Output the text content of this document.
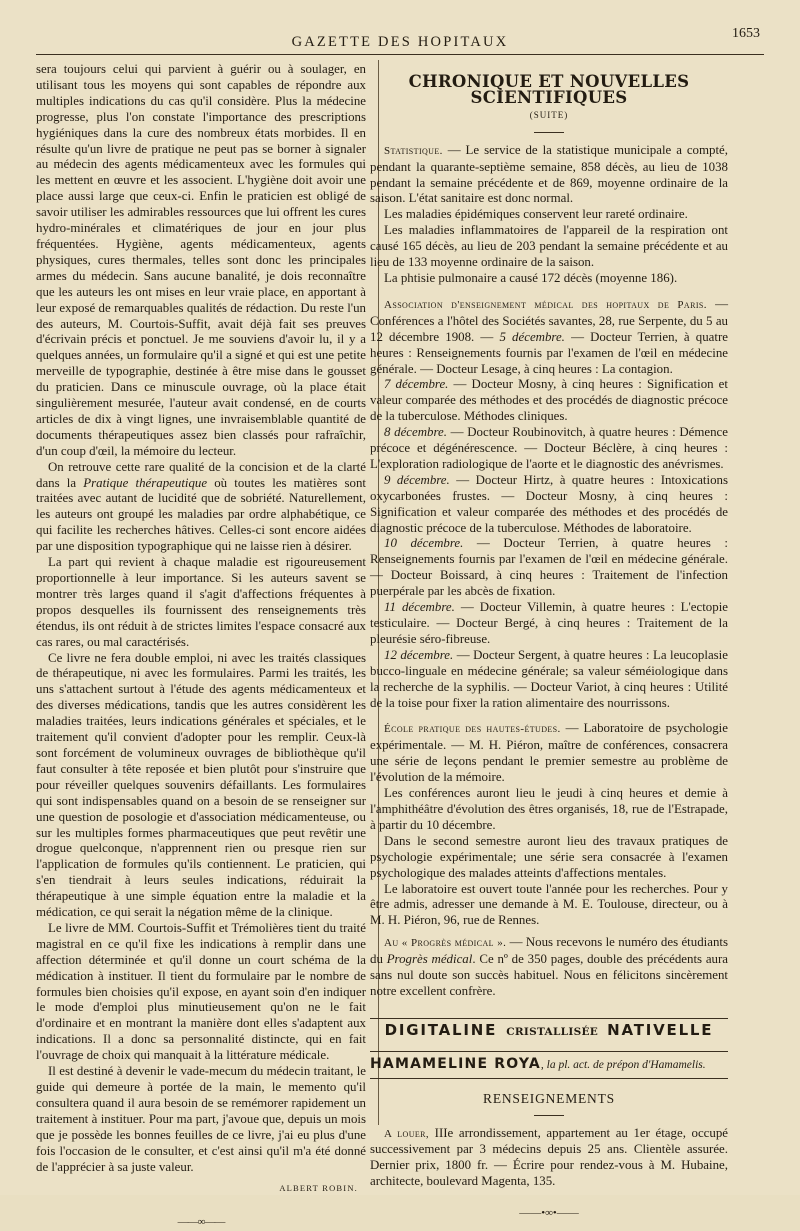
GAZETTE DES HOPITAUX
1653

sera toujours celui qui parvient à guérir ou à soulager, en utilisant tous les moyens qui sont capables de répondre aux multiples indications du cas qu'il considère. Plus la médecine progresse, plus l'on constate l'importance des prescriptions hygiéniques dans la cure des nombreux états morbides. Il en résulte qu'un livre de pratique ne peut pas se borner à signaler au médecin des agents médicamenteux avec les formules qui les mettent en œuvre et les associent. L'hygiène doit avoir une place aussi large que ceux-ci. Enfin le praticien est obligé de savoir utiliser les admirables ressources que lui offrent les cures hydro-minérales et climatériques de jour en jour plus fréquentées. Hygiène, agents médicamenteux, agents physiques, cures thermales, telles sont donc les principales armes du médecin. Sans aucune banalité, je dois reconnaître que les auteurs les ont mises en leur vraie place, en apportant à leur exposé de remarquables qualités de rédaction. Du reste l'un des auteurs, M. Courtois-Suffit, avait déjà fait ses preuves d'écrivain précis et ponctuel. Je me souviens d'avoir lu, il y a quelques années, un formulaire qu'il a signé et qui est une petite merveille de typographie, destinée à être mise dans le gousset du praticien. Dans ce minuscule ouvrage, où la place était singulièrement mesurée, l'auteur avait condensé, en de courts articles de dix à vingt lignes, une invraisemblable quantité de documents thérapeutiques assez bien classés pour rafraîchir, d'un coup d'œil, la mémoire du lecteur.

On retrouve cette rare qualité de la concision et de la clarté dans la Pratique thérapeutique où toutes les matières sont traitées avec autant de lucidité que de sobriété. Naturellement, les auteurs ont groupé les maladies par ordre alphabétique, ce qui facilite les recherches hâtives. Celles-ci sont encore aidées par une disposition typographique qui ne laisse rien à désirer.

La part qui revient à chaque maladie est rigoureusement proportionnelle à leur importance. Si les auteurs savent se montrer très larges quand il s'agit d'affections fréquentes à propos desquelles ils fournissent des renseignements très étendus, ils ont réduit à de strictes limites l'espace consacré aux cas rares, ou mal caractérisés.

Ce livre ne fera double emploi, ni avec les traités classiques de thérapeutique, ni avec les formulaires. Parmi les traités, les uns s'attachent surtout à l'étude des agents médicamenteux et des diverses médications, tandis que les autres considèrent les maladies traitées, leurs indications générales et spéciales, et le traitement qu'il convient d'adopter pour les remplir. Ceux-là sont forcément de volumineux ouvrages de bibliothèque qu'il faut consulter à tête reposée et bien plutôt pour s'instruire que pour réveiller quelques souvenirs défaillants. Les formulaires qui sont indispensables quand on a besoin de se renseigner sur une question de posologie et d'association médicamenteuse, ou sur les multiples formes pharmaceutiques que peut revêtir une drogue quelconque, n'apprennent rien ou presque rien sur l'application de formules qu'ils contiennent. Le praticien, qui s'en tiendrait à leurs seules indications, réduirait la thérapeutique à une simple équation entre la maladie et la médication, ce qui serait la négation même de la clinique.

Le livre de MM. Courtois-Suffit et Trémolières tient du traité magistral en ce qu'il fixe les indications à remplir dans une affection déterminée et qu'il donne un court schéma de la médication à instituer. Il tient du formulaire par le nombre de formules bien choisies qu'il expose, en ayant soin d'en indiquer le mode d'emploi plus minutieusement qu'on ne le fait d'ordinaire et en montrant la manière dont elles s'adaptent aux indications. Il a donc sa personnalité distincte, qui en fait l'ouvrage de choix qui manquait à la littérature médicale.

Il est destiné à devenir le vade-mecum du médecin traitant, le guide qui demeure à portée de la main, le memento qu'il consultera quand il aura besoin de se remémorer rapidement un traitement à instituer. Pour ma part, j'avoue que, depuis un mois que je possède les bonnes feuilles de ce livre, j'ai eu plus d'une fois l'occasion de le consulter, et c'est ainsi qu'il m'a été donné de l'apprécier à sa juste valeur.

ALBERT ROBIN.
——∞——
CHRONIQUE ET NOUVELLES SCIENTIFIQUES
(SUITE)

Statistique. — Le service de la statistique municipale a compté, pendant la quarante-septième semaine, 858 décès, au lieu de 1038 pendant la semaine précédente et de 869, moyenne ordinaire de la saison. L'état sanitaire est donc normal.

Les maladies épidémiques conservent leur rareté ordinaire.

Les maladies inflammatoires de l'appareil de la respiration ont causé 165 décès, au lieu de 203 pendant la semaine précédente et au lieu de 133 moyenne ordinaire de la saison.

La phtisie pulmonaire a causé 172 décès (moyenne 186).

Association d'enseignement médical des hopitaux de Paris. — Conférences a l'hôtel des Sociétés savantes, 28, rue Serpente, du 5 au 12 décembre 1908. — 5 décembre. — Docteur Terrien, à quatre heures : Renseignements fournis par l'examen de l'œil en médecine générale. — Docteur Lesage, à cinq heures : La contagion.

7 décembre. — Docteur Mosny, à cinq heures : Signification et valeur comparée des méthodes et des procédés de diagnostic précoce de la tuberculose. Méthodes cliniques.

8 décembre. — Docteur Roubinovitch, à quatre heures : Démence précoce et dégénérescence. — Docteur Béclère, à cinq heures : L'exploration radiologique de l'aorte et le diagnostic des anévrismes.

9 décembre. — Docteur Hirtz, à quatre heures : Intoxications oxycarbonées frustes. — Docteur Mosny, à cinq heures : Signification et valeur comparée des méthodes et des procédés de diagnostic précoce de la tuberculose. Méthodes de laboratoire.

10 décembre. — Docteur Terrien, à quatre heures : Renseignements fournis par l'examen de l'œil en médecine générale. — Docteur Boissard, à cinq heures : Traitement de l'infection puerpérale par les abcès de fixation.

11 décembre. — Docteur Villemin, à quatre heures : L'ectopie testiculaire. — Docteur Bergé, à cinq heures : Traitement de la pleurésie séro-fibreuse.

12 décembre. — Docteur Sergent, à quatre heures : La leucoplasie bucco-linguale en médecine générale; sa valeur séméiologique dans la recherche de la syphilis. — Docteur Variot, à cinq heures : Utilité de la toise pour fixer la ration alimentaire des nourrissons.

École pratique des hautes-études. — Laboratoire de psychologie expérimentale. — M. H. Piéron, maître de conférences, consacrera une série de leçons pendant le premier semestre au problème de l'évolution de la mémoire.

Les conférences auront lieu le jeudi à cinq heures et demie à l'amphithéâtre d'évolution des êtres organisés, 18, rue de l'Estrapade, à partir du 10 décembre.

Dans le second semestre auront lieu des travaux pratiques de psychologie expérimentale; une série sera consacrée à l'examen psychologique des malades atteints d'affections mentales.

Le laboratoire est ouvert toute l'année pour les recherches. Pour y être admis, adresser une demande à M. E. Toulouse, directeur, ou à M. H. Piéron, 96, rue de Rennes.

Au « Progrès médical ». — Nous recevons le numéro des étudiants du Progrès médical. Ce nº de 350 pages, double des précédents aura sans nul doute son succès habituel. Nous en félicitons sincèrement notre excellent confrère.

DIGITALINE CRISTALLISÉE NATIVELLE
HAMAMELINE ROYA, la pl. act. de prépon d'Hamamelis.
RENSEIGNEMENTS

A louer, IIIe arrondissement, appartement au 1er étage, occupé successivement par 3 médecins depuis 25 ans. Clientèle assurée. Dernier prix, 1800 fr. — Écrire pour rendez-vous à M. Hubaine, architecte, boulevard Magenta, 135.

——•∞•——
